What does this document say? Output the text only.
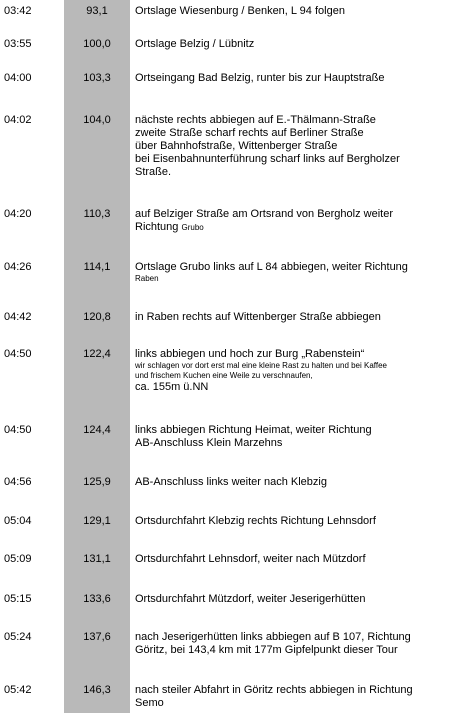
03:42	93,1	Ortslage Wiesenburg / Benken, L 94 folgen
03:55	100,0	Ortslage Belzig / Lübnitz
04:00	103,3	Ortseingang Bad Belzig, runter bis zur Hauptstraße
04:02	104,0	nächste rechts abbiegen auf E.-Thälmann-Straße
zweite Straße scharf rechts auf Berliner Straße
über Bahnhofstraße, Wittenberger Straße
bei Eisenbahnunterführung scharf links auf Bergholzer
Straße.
04:20	110,3	auf Belziger Straße am Ortsrand von Bergholz weiter
Richtung Grubo
04:26	114,1	Ortslage Grubo links auf L 84 abbiegen, weiter Richtung
Raben
04:42	120,8	in Raben rechts auf Wittenberger Straße abbiegen
04:50	122,4	links abbiegen und hoch zur Burg „Rabenstein“
wir schlagen vor dort erst mal eine kleine Rast zu halten und bei Kaffee
und frischem Kuchen eine Weile zu verschnaufen,
ca. 155m ü.NN
04:50	124,4	links abbiegen Richtung Heimat, weiter Richtung
AB-Anschluss Klein Marzehns
04:56	125,9	AB-Anschluss links weiter nach Klebzig
05:04	129,1	Ortsdurchfahrt Klebzig rechts Richtung Lehnsdorf
05:09	131,1	Ortsdurchfahrt Lehnsdorf, weiter nach Mützdorf
05:15	133,6	Ortsdurchfahrt Mützdorf, weiter Jeserigerhütten
05:24	137,6	nach Jeserigerhütten links abbiegen auf B 107, Richtung
Göritz, bei 143,4 km mit 177m Gipfelpunkt dieser Tour
05:42	146,3	nach steiler Abfahrt in Göritz rechts abbiegen in Richtung
Semo
